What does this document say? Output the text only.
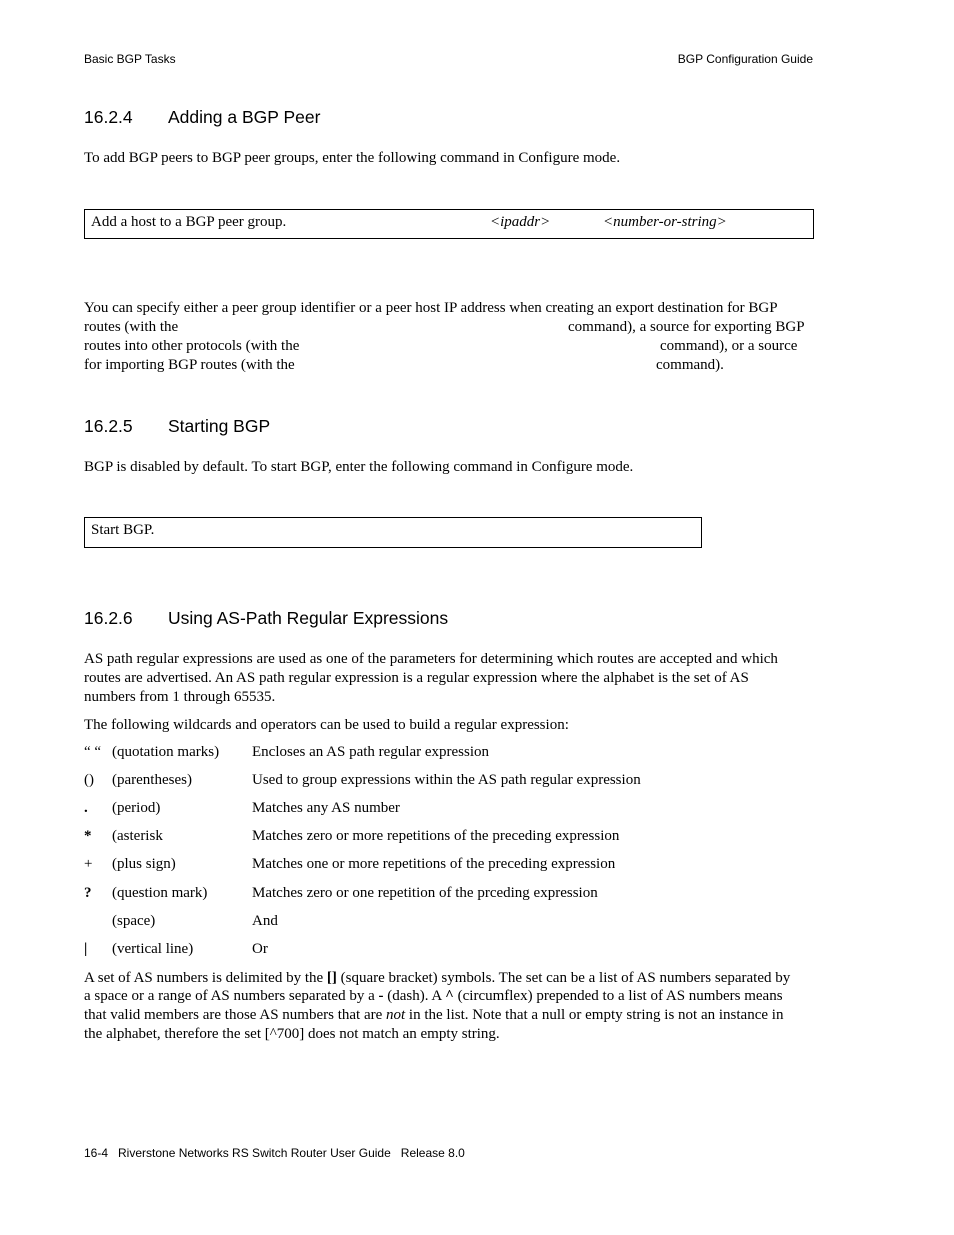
Basic BGP Tasks	BGP Configuration Guide
16.2.4 Adding a BGP Peer
To add BGP peers to BGP peer groups, enter the following command in Configure mode.
Add a host to a BGP peer group.	<ipaddr>	<number-or-string>
You can specify either a peer group identifier or a peer host IP address when creating an export destination for BGP
routes (with the	command), a source for exporting BGP
routes into other protocols (with the	command), or a source
for importing BGP routes (with the	command).
16.2.5 Starting BGP
BGP is disabled by default. To start BGP, enter the following command in Configure mode.
Start BGP.
16.2.6 Using AS-Path Regular Expressions
AS path regular expressions are used as one of the parameters for determining which routes are accepted and which
routes are advertised. An AS path regular expression is a regular expression where the alphabet is the set of AS
numbers from 1 through 65535.
The following wildcards and operators can be used to build a regular expression:
“ “ (quotation marks) Encloses an AS path regular expression
() (parentheses)	Used to group expressions within the AS path regular expression
. (period)	Matches any AS number
* (asterisk	Matches zero or more repetitions of the preceding expression
+ (plus sign)	Matches one or more repetitions of the preceding expression
? (question mark)	Matches zero or one repetition of the prceding expression
(space)	And
| (vertical line)	Or
A set of AS numbers is delimited by the [] (square bracket) symbols. The set can be a list of AS numbers separated by
a space or a range of AS numbers separated by a - (dash). A ^ (circumflex) prepended to a list of AS numbers means
that valid members are those AS numbers that are not in the list. Note that a null or empty string is not an instance in
the alphabet, therefore the set [^700] does not match an empty string.
16-4   Riverstone Networks RS Switch Router User Guide   Release 8.0
